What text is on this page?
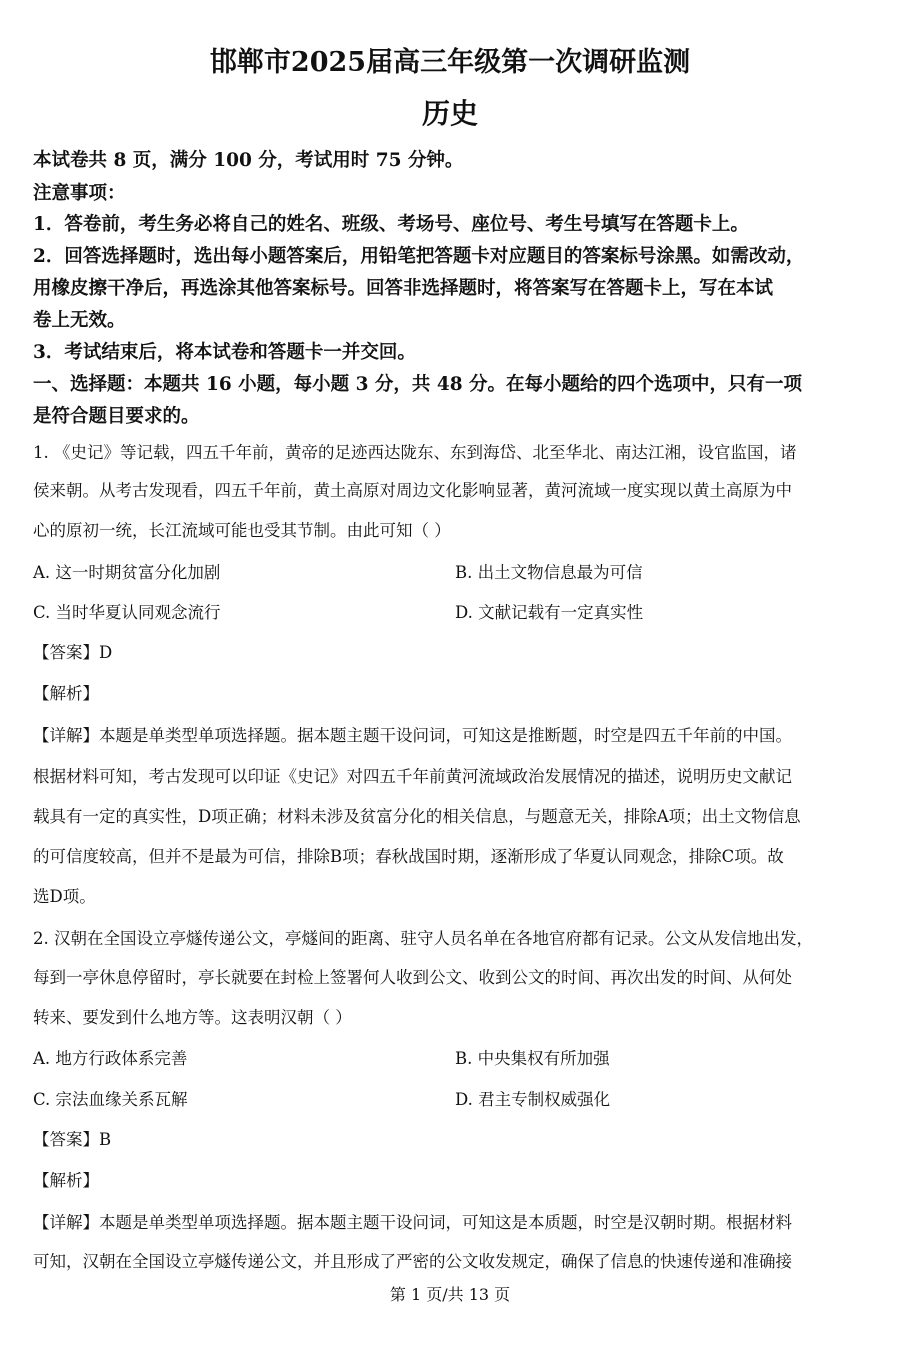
邯郸市2025届高三年级第一次调研监测
历史
本试卷共 8 页，满分 100 分，考试用时 75 分钟。
注意事项：
1．答卷前，考生务必将自己的姓名、班级、考场号、座位号、考生号填写在答题卡上。
2．回答选择题时，选出每小题答案后，用铅笔把答题卡对应题目的答案标号涂黑。如需改动，
用橡皮擦干净后，再选涂其他答案标号。回答非选择题时，将答案写在答题卡上，写在本试
卷上无效。
3．考试结束后，将本试卷和答题卡一并交回。
一、选择题：本题共 16 小题，每小题 3 分，共 48 分。在每小题给的四个选项中，只有一项
是符合题目要求的。
1. 《史记》等记载，四五千年前，黄帝的足迹西达陇东、东到海岱、北至华北、南达江湘，设官监国，诸
侯来朝。从考古发现看，四五千年前，黄土高原对周边文化影响显著，黄河流域一度实现以黄土高原为中
心的原初一统，长江流域可能也受其节制。由此可知（ ）
A. 这一时期贫富分化加剧	B. 出土文物信息最为可信
C. 当时华夏认同观念流行	D. 文献记载有一定真实性
【答案】D
【解析】
【详解】本题是单类型单项选择题。据本题主题干设问词，可知这是推断题，时空是四五千年前的中国。
根据材料可知，考古发现可以印证《史记》对四五千年前黄河流域政治发展情况的描述，说明历史文献记
载具有一定的真实性，D项正确；材料未涉及贫富分化的相关信息，与题意无关，排除A项；出土文物信息
的可信度较高，但并不是最为可信，排除B项；春秋战国时期，逐渐形成了华夏认同观念，排除C项。故
选D项。
2. 汉朝在全国设立亭燧传递公文，亭燧间的距离、驻守人员名单在各地官府都有记录。公文从发信地出发，
每到一亭休息停留时，亭长就要在封检上签署何人收到公文、收到公文的时间、再次出发的时间、从何处
转来、要发到什么地方等。这表明汉朝（ ）
A. 地方行政体系完善	B. 中央集权有所加强
C. 宗法血缘关系瓦解	D. 君主专制权威强化
【答案】B
【解析】
【详解】本题是单类型单项选择题。据本题主题干设问词，可知这是本质题，时空是汉朝时期。根据材料
可知，汉朝在全国设立亭燧传递公文，并且形成了严密的公文收发规定，确保了信息的快速传递和准确接
第 1 页/共 13 页
